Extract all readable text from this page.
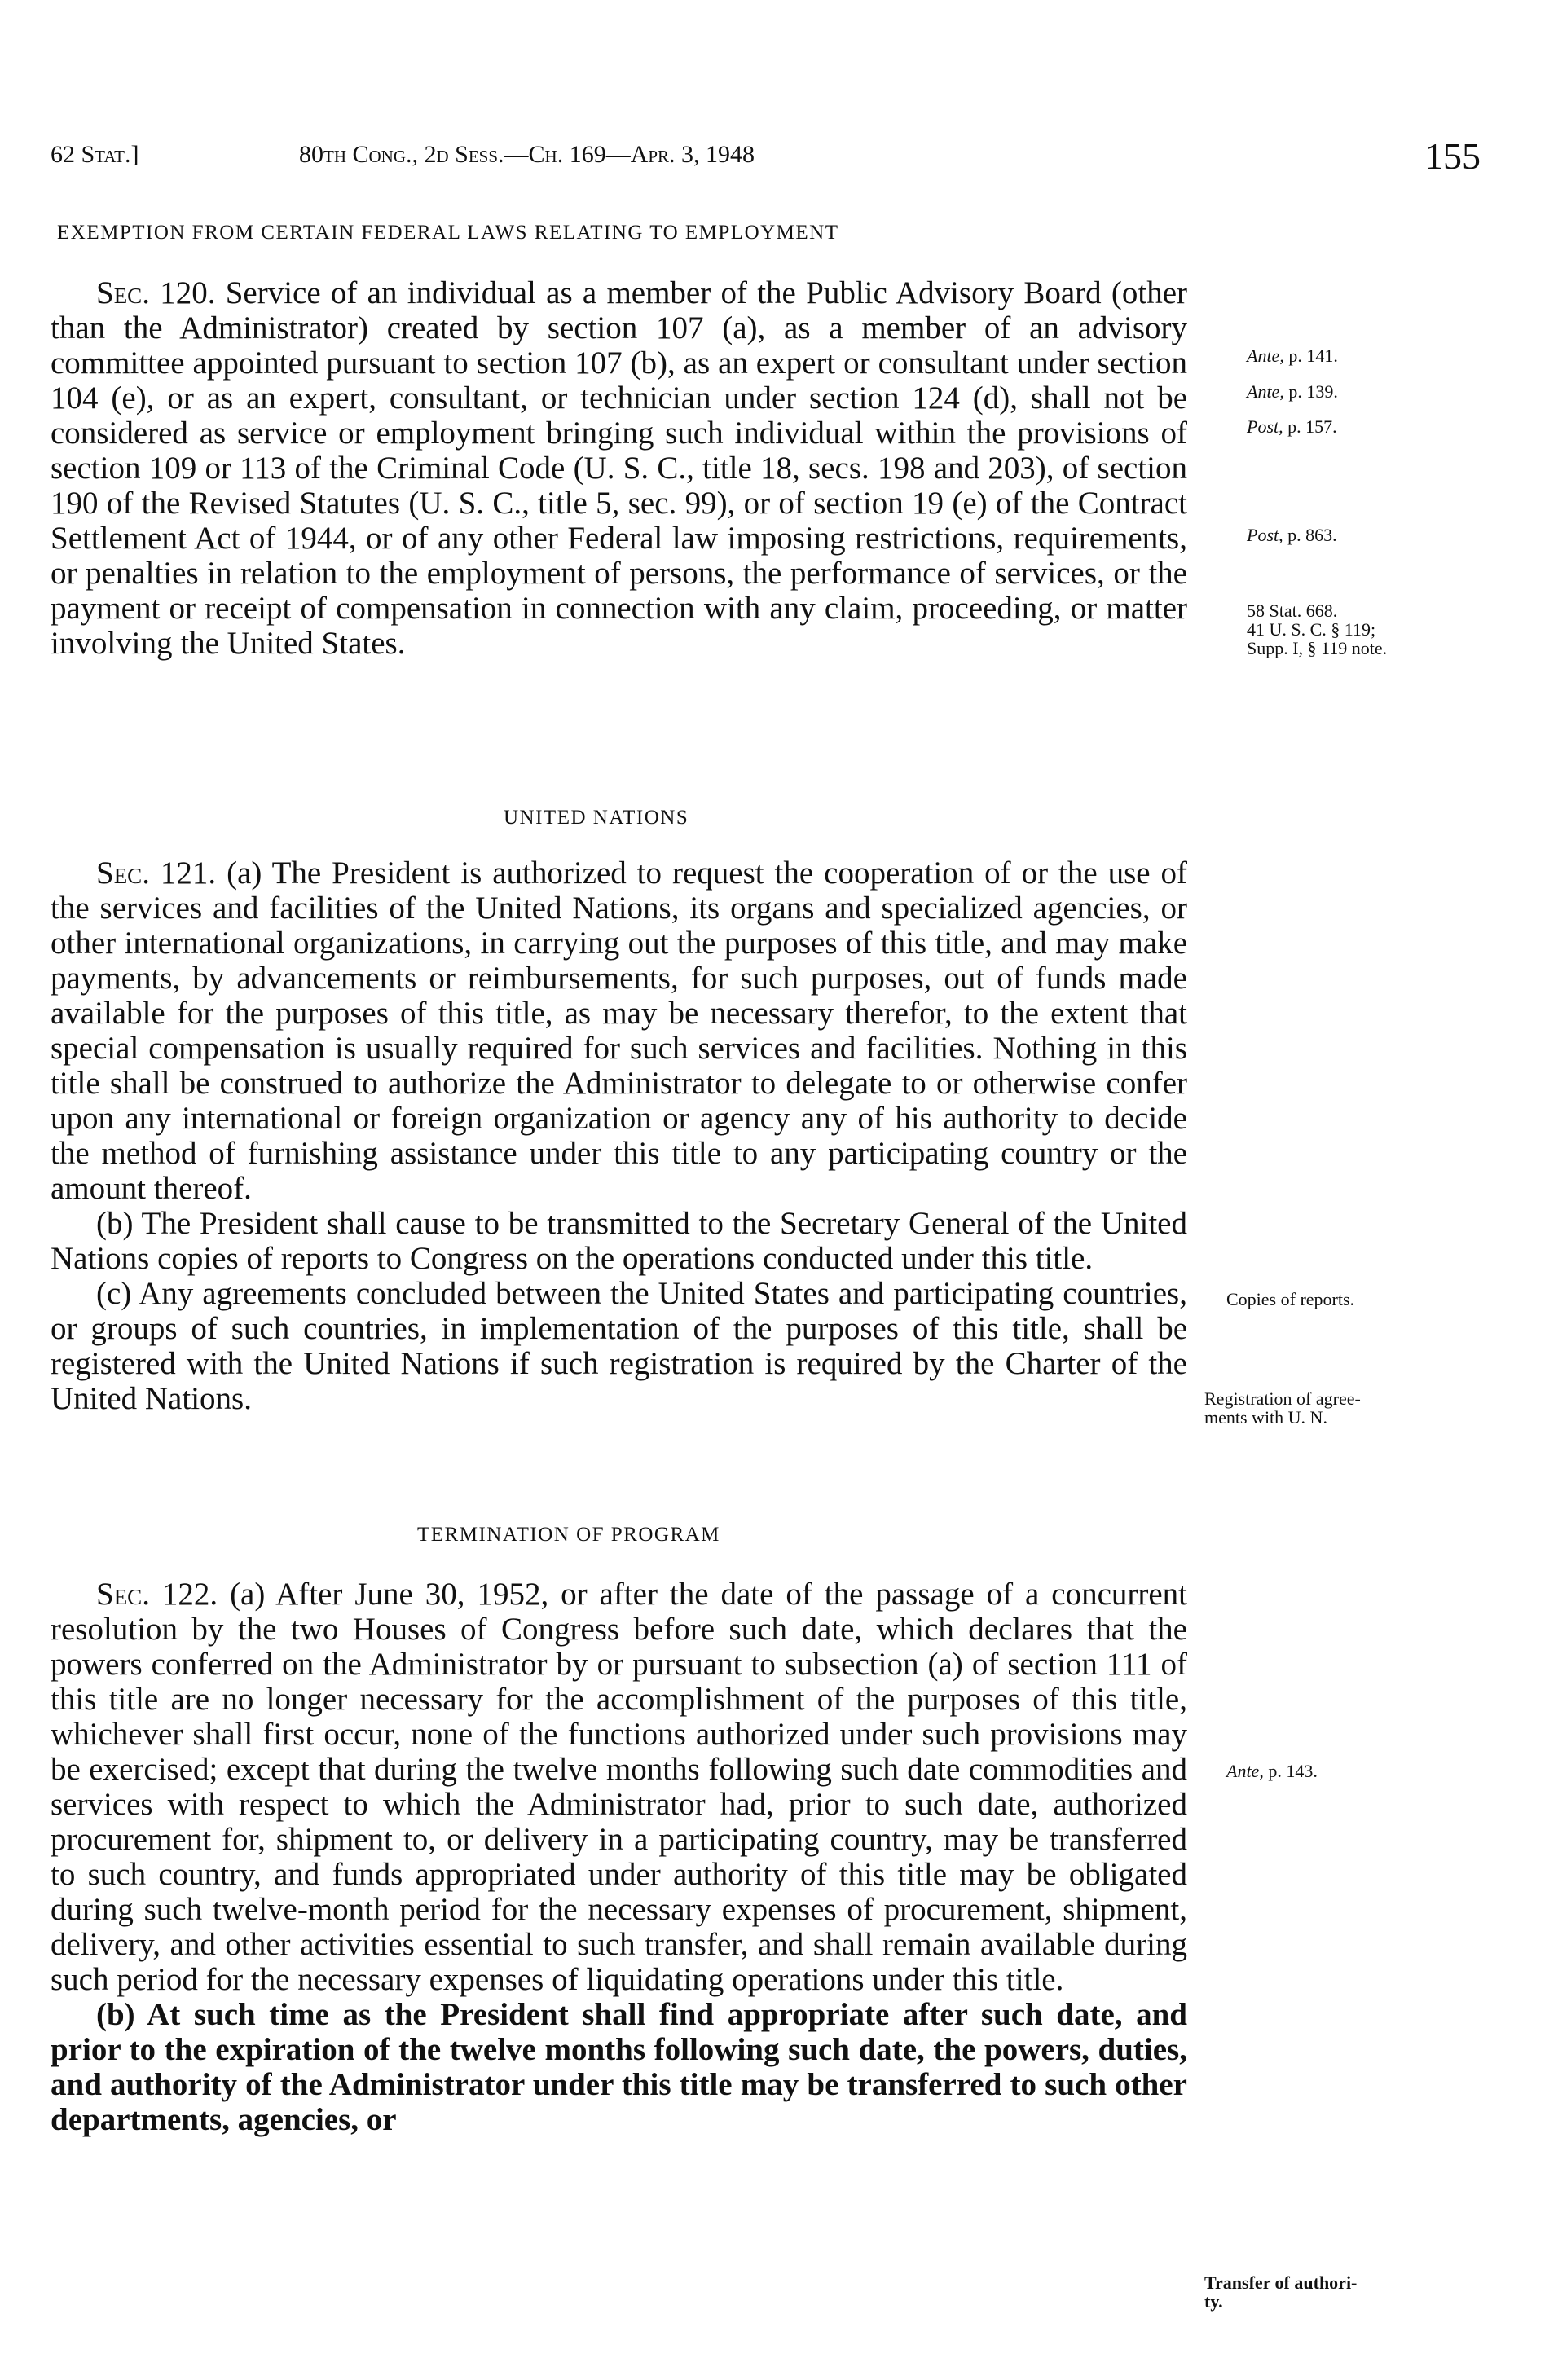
62 Stat.]	80th Cong., 2d Sess.—Ch. 169—Apr. 3, 1948	155
EXEMPTION FROM CERTAIN FEDERAL LAWS RELATING TO EMPLOYMENT

Sec. 120. Service of an individual as a member of the Public Advisory Board (other than the Administrator) created by section 107 (a), as a member of an advisory committee appointed pursuant to section 107 (b), as an expert or consultant under section 104 (e), or as an expert, consultant, or technician under section 124 (d), shall not be considered as service or employment bringing such individual within the provisions of section 109 or 113 of the Criminal Code (U. S. C., title 18, secs. 198 and 203), of section 190 of the Revised Statutes (U. S. C., title 5, sec. 99), or of section 19 (e) of the Contract Settlement Act of 1944, or of any other Federal law imposing restrictions, requirements, or penalties in relation to the employment of persons, the performance of services, or the payment or receipt of compensation in connection with any claim, proceeding, or matter involving the United States.

UNITED NATIONS

Sec. 121. (a) The President is authorized to request the cooperation of or the use of the services and facilities of the United Nations, its organs and specialized agencies, or other international organizations, in carrying out the purposes of this title, and may make payments, by advancements or reimbursements, for such purposes, out of funds made available for the purposes of this title, as may be necessary therefor, to the extent that special compensation is usually required for such services and facilities. Nothing in this title shall be construed to authorize the Administrator to delegate to or otherwise confer upon any international or foreign organization or agency any of his authority to decide the method of furnishing assistance under this title to any participating country or the amount thereof.

(b) The President shall cause to be transmitted to the Secretary General of the United Nations copies of reports to Congress on the operations conducted under this title.

(c) Any agreements concluded between the United States and participating countries, or groups of such countries, in implementation of the purposes of this title, shall be registered with the United Nations if such registration is required by the Charter of the United Nations.

TERMINATION OF PROGRAM

Sec. 122. (a) After June 30, 1952, or after the date of the passage of a concurrent resolution by the two Houses of Congress before such date, which declares that the powers conferred on the Administrator by or pursuant to subsection (a) of section 111 of this title are no longer necessary for the accomplishment of the purposes of this title, whichever shall first occur, none of the functions authorized under such provisions may be exercised; except that during the twelve months following such date commodities and services with respect to which the Administrator had, prior to such date, authorized procurement for, shipment to, or delivery in a participating country, may be transferred to such country, and funds appropriated under authority of this title may be obligated during such twelve-month period for the necessary expenses of procurement, shipment, delivery, and other activities essential to such transfer, and shall remain available during such period for the necessary expenses of liquidating operations under this title.

(b) At such time as the President shall find appropriate after such date, and prior to the expiration of the twelve months following such date, the powers, duties, and authority of the Administrator under this title may be transferred to such other departments, agencies, or

Ante, p. 141.
Ante, p. 139.
Post, p. 157.
Post, p. 863.
58 Stat. 668.
41 U. S. C. § 119;
Supp. I, § 119 note.
Copies of reports.
Registration of agree-
ments with U. N.
Ante, p. 143.
Transfer of authori-
ty.
